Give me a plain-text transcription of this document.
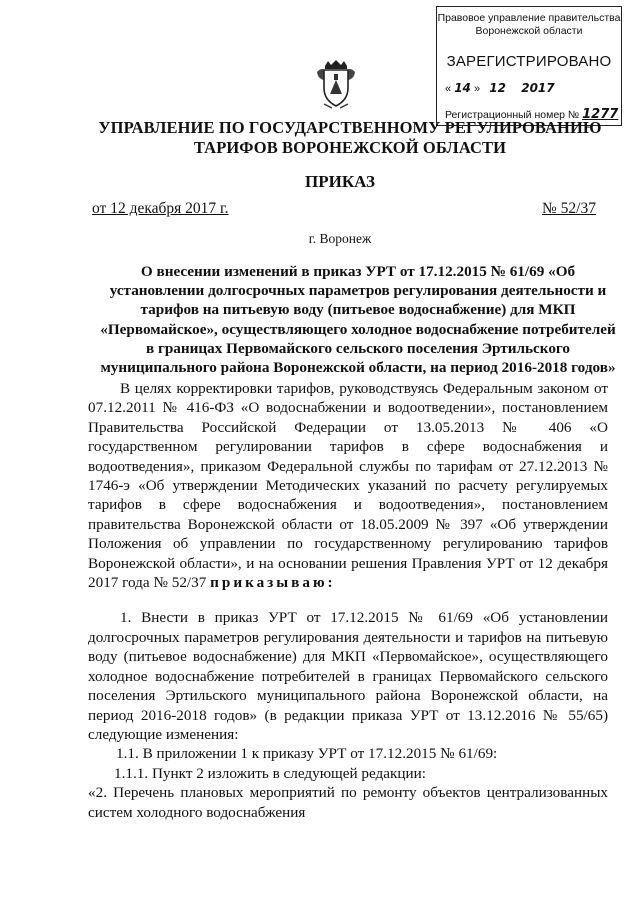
Правовое управление правительства
Воронежской области
ЗАРЕГИСТРИРОВАНО
« 14 » 12 2017
Регистрационный номер № 1277
УПРАВЛЕНИЕ ПО ГОСУДАРСТВЕННОМУ РЕГУЛИРОВАНИЮ
ТАРИФОВ ВОРОНЕЖСКОЙ ОБЛАСТИ
ПРИКАЗ
от 12 декабря 2017 г.	№ 52/37
г. Воронеж
О внесении изменений в приказ УРТ от 17.12.2015 № 61/69 «Об
установлении долгосрочных параметров регулирования деятельности и
тарифов на питьевую воду (питьевое водоснабжение) для МКП
«Первомайское», осуществляющего холодное водоснабжение потребителей
в границах Первомайского сельского поселения Эртильского
муниципального района Воронежской области, на период 2016-2018 годов»

В целях корректировки тарифов, руководствуясь Федеральным законом от 07.12.2011 № 416-ФЗ «О водоснабжении и водоотведении», постановлением Правительства Российской Федерации от 13.05.2013 № 406 «О государственном регулировании тарифов в сфере водоснабжения и водоотведения», приказом Федеральной службы по тарифам от 27.12.2013 № 1746-э «Об утверждении Методических указаний по расчету регулируемых тарифов в сфере водоснабжения и водоотведения», постановлением правительства Воронежской области от 18.05.2009 № 397 «Об утверждении Положения об управлении по государственному регулированию тарифов Воронежской области», и на основании решения Правления УРТ от 12 декабря 2017 года № 52/37 приказываю:

1. Внести в приказ УРТ от 17.12.2015 № 61/69 «Об установлении долгосрочных параметров регулирования деятельности и тарифов на питьевую воду (питьевое водоснабжение) для МКП «Первомайское», осуществляющего холодное водоснабжение потребителей в границах Первомайского сельского поселения Эртильского муниципального района Воронежской области, на период 2016-2018 годов» (в редакции приказа УРТ от 13.12.2016 № 55/65) следующие изменения:

1.1. В приложении 1 к приказу УРТ от 17.12.2015 № 61/69:

1.1.1. Пункт 2 изложить в следующей редакции:

«2. Перечень плановых мероприятий по ремонту объектов централизованных систем холодного водоснабжения
